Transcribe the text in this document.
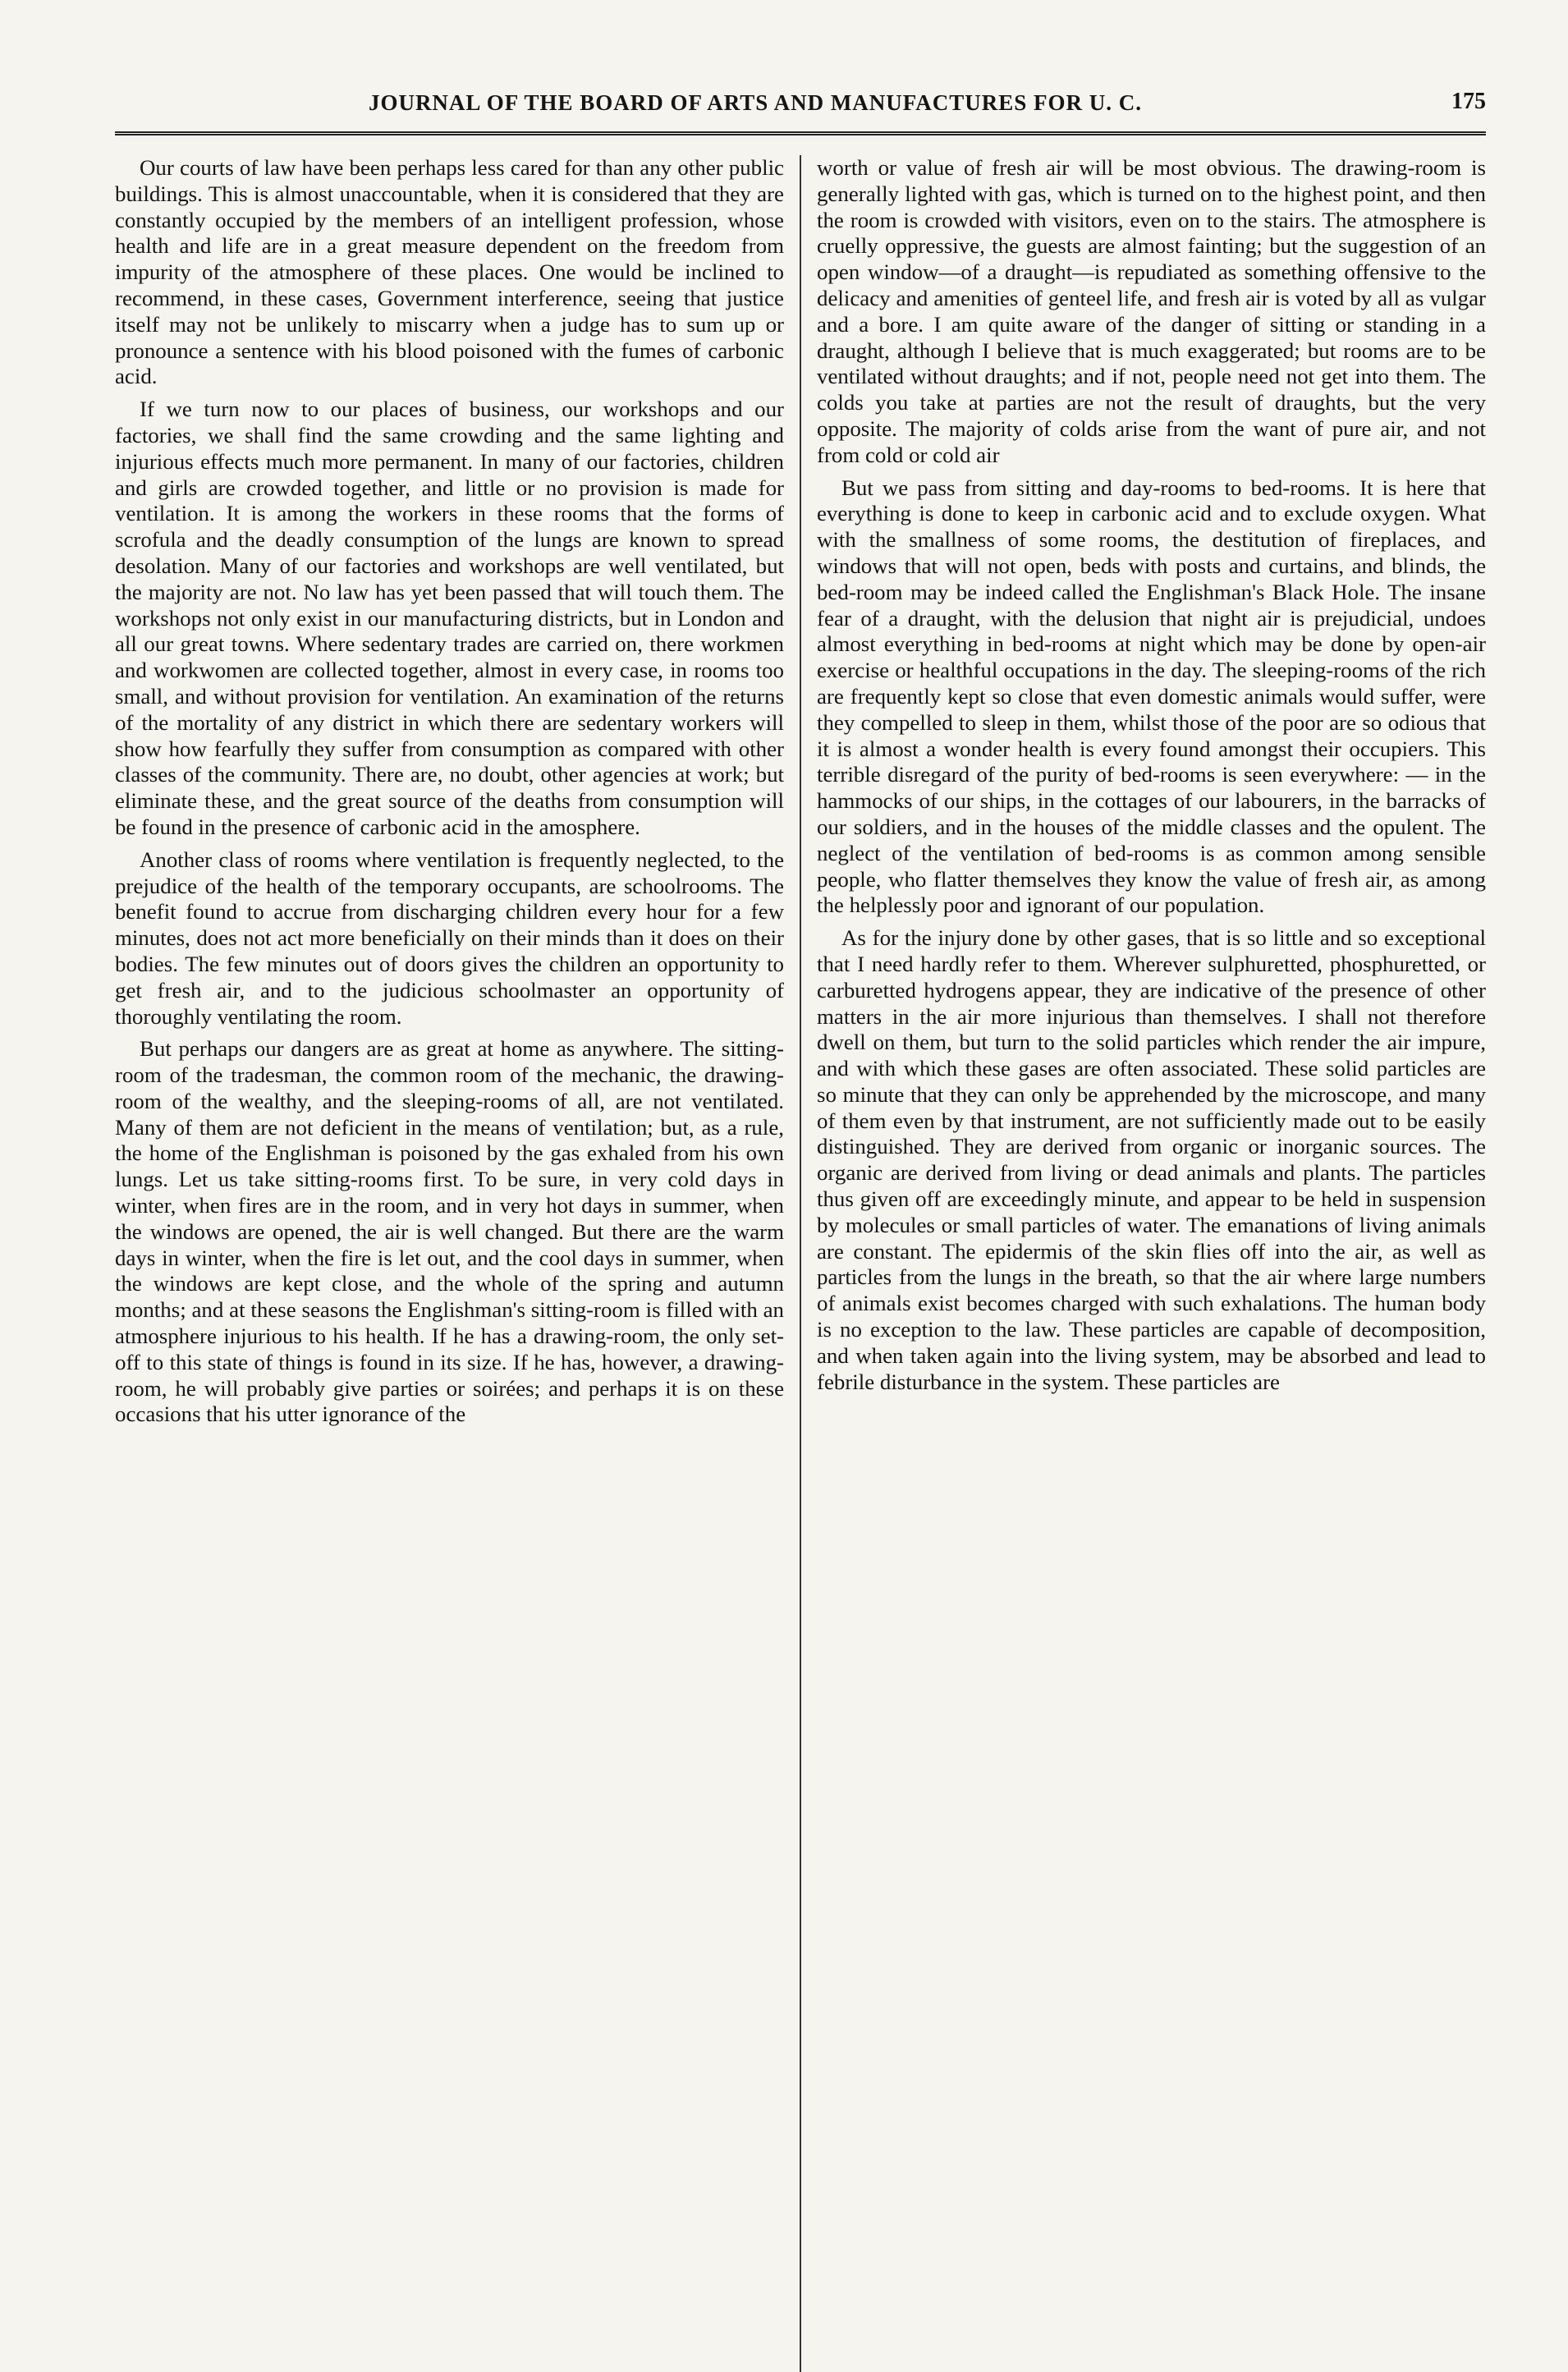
JOURNAL OF THE BOARD OF ARTS AND MANUFACTURES FOR U. C.	175

Our courts of law have been perhaps less cared for than any other public buildings. This is almost unaccountable, when it is considered that they are constantly occupied by the members of an intelligent profession, whose health and life are in a great measure dependent on the freedom from impurity of the atmosphere of these places. One would be inclined to recommend, in these cases, Government interference, seeing that justice itself may not be unlikely to miscarry when a judge has to sum up or pronounce a sentence with his blood poisoned with the fumes of carbonic acid.

If we turn now to our places of business, our workshops and our factories, we shall find the same crowding and the same lighting and injurious effects much more permanent. In many of our factories, children and girls are crowded together, and little or no provision is made for ventilation. It is among the workers in these rooms that the forms of scrofula and the deadly consumption of the lungs are known to spread desolation. Many of our factories and workshops are well ventilated, but the majority are not. No law has yet been passed that will touch them. The workshops not only exist in our manufacturing districts, but in London and all our great towns. Where sedentary trades are carried on, there workmen and workwomen are collected together, almost in every case, in rooms too small, and without provision for ventilation. An examination of the returns of the mortality of any district in which there are sedentary workers will show how fearfully they suffer from consumption as compared with other classes of the community. There are, no doubt, other agencies at work; but eliminate these, and the great source of the deaths from consumption will be found in the presence of carbonic acid in the amosphere.

Another class of rooms where ventilation is frequently neglected, to the prejudice of the health of the temporary occupants, are schoolrooms. The benefit found to accrue from discharging children every hour for a few minutes, does not act more beneficially on their minds than it does on their bodies. The few minutes out of doors gives the children an opportunity to get fresh air, and to the judicious schoolmaster an opportunity of thoroughly ventilating the room.

But perhaps our dangers are as great at home as anywhere. The sitting-room of the tradesman, the common room of the mechanic, the drawing-room of the wealthy, and the sleeping-rooms of all, are not ventilated. Many of them are not deficient in the means of ventilation; but, as a rule, the home of the Englishman is poisoned by the gas exhaled from his own lungs. Let us take sitting-rooms first. To be sure, in very cold days in winter, when fires are in the room, and in very hot days in summer, when the windows are opened, the air is well changed. But there are the warm days in winter, when the fire is let out, and the cool days in summer, when the windows are kept close, and the whole of the spring and autumn months; and at these seasons the Englishman's sitting-room is filled with an atmosphere injurious to his health. If he has a drawing-room, the only set-off to this state of things is found in its size. If he has, however, a drawing-room, he will probably give parties or soirées; and perhaps it is on these occasions that his utter ignorance of the

worth or value of fresh air will be most obvious. The drawing-room is generally lighted with gas, which is turned on to the highest point, and then the room is crowded with visitors, even on to the stairs. The atmosphere is cruelly oppressive, the guests are almost fainting; but the suggestion of an open window—of a draught—is repudiated as something offensive to the delicacy and amenities of genteel life, and fresh air is voted by all as vulgar and a bore. I am quite aware of the danger of sitting or standing in a draught, although I believe that is much exaggerated; but rooms are to be ventilated without draughts; and if not, people need not get into them. The colds you take at parties are not the result of draughts, but the very opposite. The majority of colds arise from the want of pure air, and not from cold or cold air

But we pass from sitting and day-rooms to bed-rooms. It is here that everything is done to keep in carbonic acid and to exclude oxygen. What with the smallness of some rooms, the destitution of fireplaces, and windows that will not open, beds with posts and curtains, and blinds, the bed-room may be indeed called the Englishman's Black Hole. The insane fear of a draught, with the delusion that night air is prejudicial, undoes almost everything in bed-rooms at night which may be done by open-air exercise or healthful occupations in the day. The sleeping-rooms of the rich are frequently kept so close that even domestic animals would suffer, were they compelled to sleep in them, whilst those of the poor are so odious that it is almost a wonder health is every found amongst their occupiers. This terrible disregard of the purity of bed-rooms is seen everywhere: — in the hammocks of our ships, in the cottages of our labourers, in the barracks of our soldiers, and in the houses of the middle classes and the opulent. The neglect of the ventilation of bed-rooms is as common among sensible people, who flatter themselves they know the value of fresh air, as among the helplessly poor and ignorant of our population.

As for the injury done by other gases, that is so little and so exceptional that I need hardly refer to them. Wherever sulphuretted, phosphuretted, or carburetted hydrogens appear, they are indicative of the presence of other matters in the air more injurious than themselves. I shall not therefore dwell on them, but turn to the solid particles which render the air impure, and with which these gases are often associated. These solid particles are so minute that they can only be apprehended by the microscope, and many of them even by that instrument, are not sufficiently made out to be easily distinguished. They are derived from organic or inorganic sources. The organic are derived from living or dead animals and plants. The particles thus given off are exceedingly minute, and appear to be held in suspension by molecules or small particles of water. The emanations of living animals are constant. The epidermis of the skin flies off into the air, as well as particles from the lungs in the breath, so that the air where large numbers of animals exist becomes charged with such exhalations. The human body is no exception to the law. These particles are capable of decomposition, and when taken again into the living system, may be absorbed and lead to febrile disturbance in the system. These particles are
